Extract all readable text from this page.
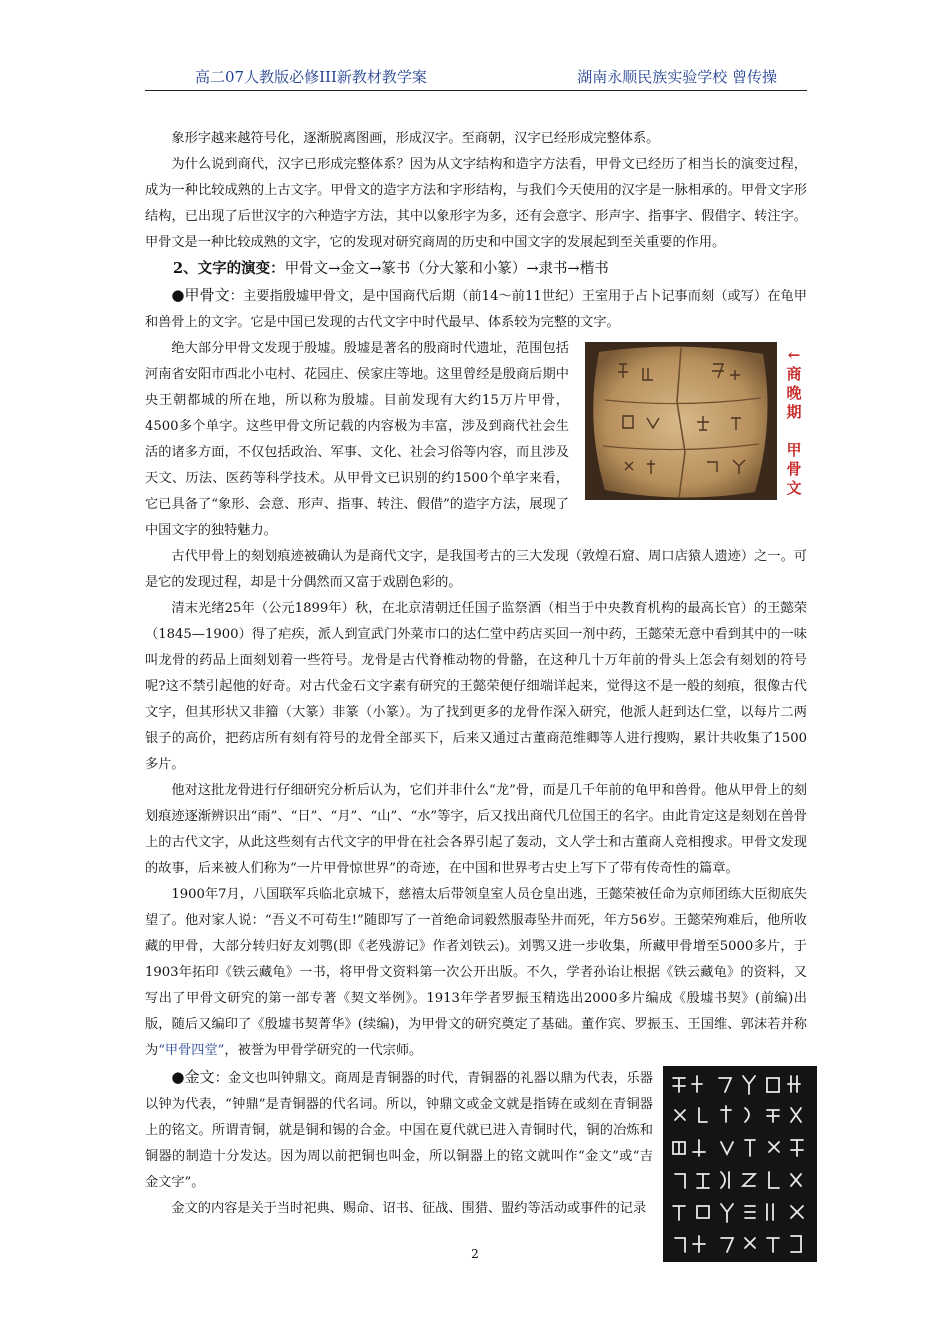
高二07人教版必修III新教材教学案	湖南永顺民族实验学校 曾传操

象形字越来越符号化，逐渐脱离图画，形成汉字。至商朝，汉字已经形成完整体系。

为什么说到商代，汉字已形成完整体系？因为从文字结构和造字方法看，甲骨文已经历了相当长的演变过程，成为一种比较成熟的上古文字。甲骨文的造字方法和字形结构，与我们今天使用的汉字是一脉相承的。甲骨文字形结构，已出现了后世汉字的六种造字方法，其中以象形字为多，还有会意字、形声字、指事字、假借字、转注字。甲骨文是一种比较成熟的文字，它的发现对研究商周的历史和中国文字的发展起到至关重要的作用。

2、文字的演变：甲骨文→金文→篆书（分大篆和小篆）→隶书→楷书

●甲骨文：主要指殷墟甲骨文，是中国商代后期（前14～前11世纪）王室用于占卜记事而刻（或写）在龟甲和兽骨上的文字。它是中国已发现的古代文字中时代最早、体系较为完整的文字。

←
商
晚
期
甲
骨
文

绝大部分甲骨文发现于殷墟。殷墟是著名的殷商时代遗址，范围包括河南省安阳市西北小屯村、花园庄、侯家庄等地。这里曾经是殷商后期中央王朝都城的所在地，所以称为殷墟。目前发现有大约15万片甲骨，4500多个单字。这些甲骨文所记载的内容极为丰富，涉及到商代社会生活的诸多方面，不仅包括政治、军事、文化、社会习俗等内容，而且涉及天文、历法、医药等科学技术。从甲骨文已识别的约1500个单字来看，它已具备了“象形、会意、形声、指事、转注、假借”的造字方法，展现了中国文字的独特魅力。

古代甲骨上的刻划痕迹被确认为是商代文字，是我国考古的三大发现（敦煌石窟、周口店猿人遗迹）之一。可是它的发现过程，却是十分偶然而又富于戏剧色彩的。

清末光绪25年（公元1899年）秋，在北京清朝迁任国子监祭酒（相当于中央教育机构的最高长官）的王懿荣（1845—1900）得了疟疾，派人到宣武门外菜市口的达仁堂中药店买回一剂中药，王懿荣无意中看到其中的一味叫龙骨的药品上面刻划着一些符号。龙骨是古代脊椎动物的骨骼，在这种几十万年前的骨头上怎会有刻划的符号呢?这不禁引起他的好奇。对古代金石文字素有研究的王懿荣便仔细端详起来，觉得这不是一般的刻痕，很像古代文字，但其形状又非籀（大篆）非篆（小篆）。为了找到更多的龙骨作深入研究，他派人赶到达仁堂，以每片二两银子的高价，把药店所有刻有符号的龙骨全部买下，后来又通过古董商范维卿等人进行搜购，累计共收集了1500多片。

他对这批龙骨进行仔细研究分析后认为，它们并非什么“龙”骨，而是几千年前的龟甲和兽骨。他从甲骨上的刻划痕迹逐渐辨识出“雨”、“日”、“月”、“山”、“水”等字，后又找出商代几位国王的名字。由此肯定这是刻划在兽骨上的古代文字，从此这些刻有古代文字的甲骨在社会各界引起了轰动，文人学士和古董商人竞相搜求。甲骨文发现的故事，后来被人们称为“一片甲骨惊世界”的奇迹，在中国和世界考古史上写下了带有传奇性的篇章。

1900年7月，八国联军兵临北京城下，慈禧太后带领皇室人员仓皇出逃，王懿荣被任命为京师团练大臣彻底失望了。他对家人说：“吾义不可苟生!”随即写了一首绝命词毅然服毒坠井而死，年方56岁。王懿荣殉难后，他所收藏的甲骨，大部分转归好友刘鹗(即《老残游记》作者刘铁云)。刘鹗又进一步收集，所藏甲骨增至5000多片，于1903年拓印《铁云藏龟》一书，将甲骨文资料第一次公开出版。不久，学者孙诒让根据《铁云藏龟》的资料，又写出了甲骨文研究的第一部专著《契文举例》。1913年学者罗振玉精选出2000多片编成《殷墟书契》(前编)出版，随后又编印了《殷墟书契菁华》(续编)，为甲骨文的研究奠定了基础。董作宾、罗振玉、王国维、郭沫若并称为“甲骨四堂”，被誉为甲骨学研究的一代宗师。

●金文：金文也叫钟鼎文。商周是青铜器的时代，青铜器的礼器以鼎为代表，乐器以钟为代表，“钟鼎”是青铜器的代名词。所以，钟鼎文或金文就是指铸在或刻在青铜器上的铭文。所谓青铜，就是铜和锡的合金。中国在夏代就已进入青铜时代，铜的冶炼和铜器的制造十分发达。因为周以前把铜也叫金，所以铜器上的铭文就叫作“金文”或“吉金文字”。

金文的内容是关于当时祀典、赐命、诏书、征战、围猎、盟约等活动或事件的记录

2
